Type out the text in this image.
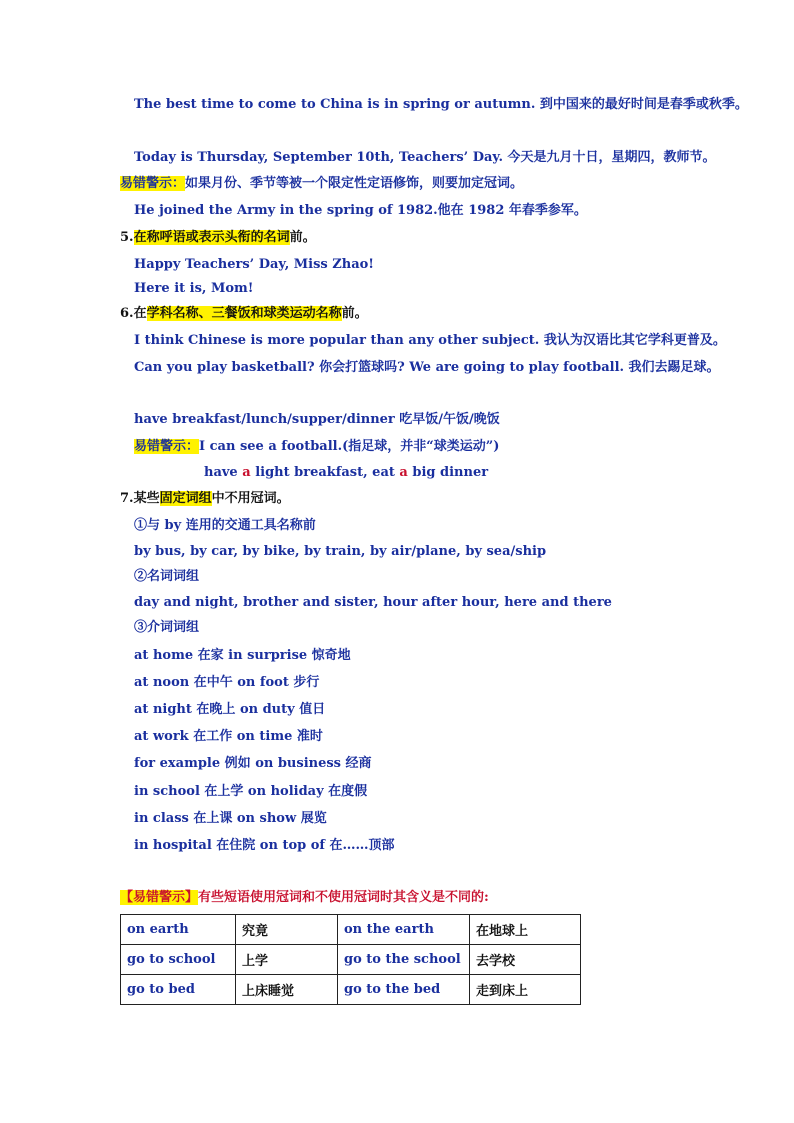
The best time to come to China is in spring or autumn. 到中国来的最好时间是春季或秋季。
Today is Thursday, September 10th, Teachers’ Day. 今天是九月十日，星期四，教师节。
易错警示：如果月份、季节等被一个限定性定语修饰，则要加定冠词。
He joined the Army in the spring of 1982.他在 1982 年春季参军。
5.在称呼语或表示头衔的名词前。
Happy Teachers’ Day, Miss Zhao!
Here it is, Mom!
6.在学科名称、三餐饭和球类运动名称前。
I think Chinese is more popular than any other subject. 我认为汉语比其它学科更普及。
Can you play basketball? 你会打篮球吗? We are going to play football. 我们去踢足球。
have breakfast/lunch/supper/dinner 吃早饭/午饭/晚饭
易错警示：I can see a football.(指足球，并非“球类运动”)
have a light breakfast, eat a big dinner
7.某些固定词组中不用冠词。
①与 by 连用的交通工具名称前
by bus, by car, by bike, by train, by air/plane, by sea/ship
②名词词组
day and night, brother and sister, hour after hour, here and there
③介词词组
at home 在家 in surprise 惊奇地
at noon 在中午 on foot 步行
at night 在晚上 on duty 值日
at work 在工作 on time 准时
for example 例如 on business 经商
in school 在上学 on holiday 在度假
in class 在上课 on show 展览
in hospital 在住院 on top of 在……顶部
【易错警示】有些短语使用冠词和不使用冠词时其含义是不同的:
on earth	究竟	on the earth	在地球上
go to school	上学	go to the school	去学校
go to bed	上床睡觉	go to the bed	走到床上
